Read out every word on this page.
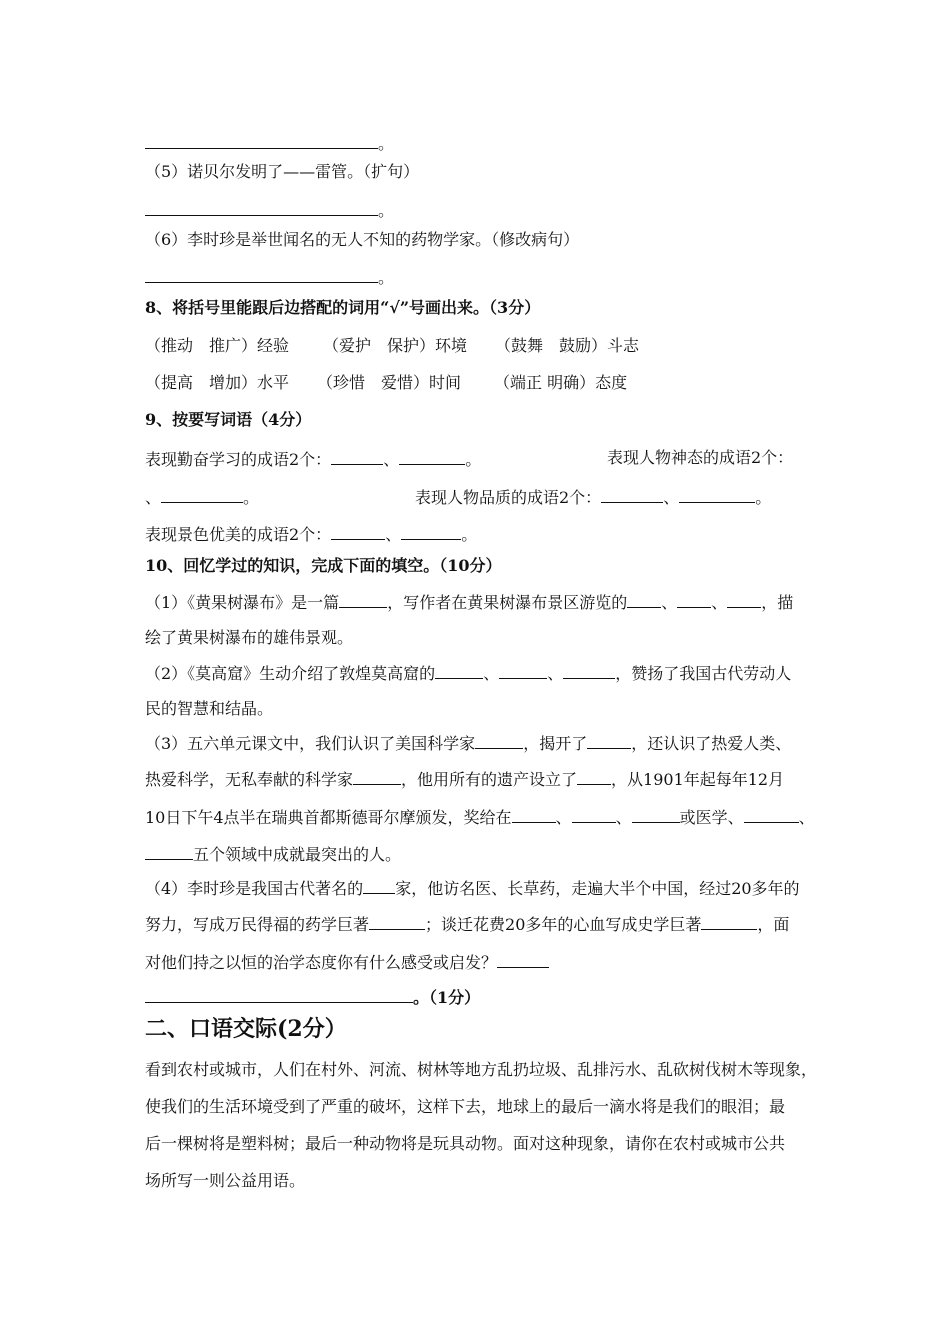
。
（5）诺贝尔发明了——雷管。（扩句）
。
（6）李时珍是举世闻名的无人不知的药物学家。（修改病句）
。
8、将括号里能跟后边搭配的词用“√”号画出来。（3分）
（推动　推广）经验 （爱护　保护）环境 （鼓舞　鼓励）斗志
（提高　增加）水平 （珍惜　爱惜）时间 （端正 明确）态度
9、按要写词语（4分）
表现勤奋学习的成语2个：	、	。	表现人物神态的成语2个：
、	。	表现人物品质的成语2个：	、	。
表现景色优美的成语2个：	、	。
10、回忆学过的知识，完成下面的填空。（10分）
（1）《黄果树瀑布》是一篇	，写作者在黄果树瀑布景区游览的 、 、 ，描
绘了黄果树瀑布的雄伟景观。
（2）《莫高窟》生动介绍了敦煌莫高窟的	、	、	，赞扬了我国古代劳动人
民的智慧和结晶。
（3）五六单元课文中，我们认识了美国科学家	，揭开了	，还认识了热爱人类、
热爱科学，无私奉献的科学家	，他用所有的遗产设立了 ，从1901年起每年12月
10日下午4点半在瑞典首都斯德哥尔摩颁发，奖给在	、	、	或医学、	、
五个领域中成就最突出的人。
（4）李时珍是我国古代著名的 家，他访名医、长草药，走遍大半个中国，经过20多年的
努力，写成万民得福的药学巨著	；谈迁花费20多年的心血写成史学巨著	，面
对他们持之以恒的治学态度你有什么感受或启发？
。（1分）
二、口语交际(2分）
看到农村或城市，人们在村外、河流、树林等地方乱扔垃圾、乱排污水、乱砍树伐树木等现象，
使我们的生活环境受到了严重的破坏，这样下去，地球上的最后一滴水将是我们的眼泪；最
后一棵树将是塑料树；最后一种动物将是玩具动物。面对这种现象，请你在农村或城市公共
场所写一则公益用语。
